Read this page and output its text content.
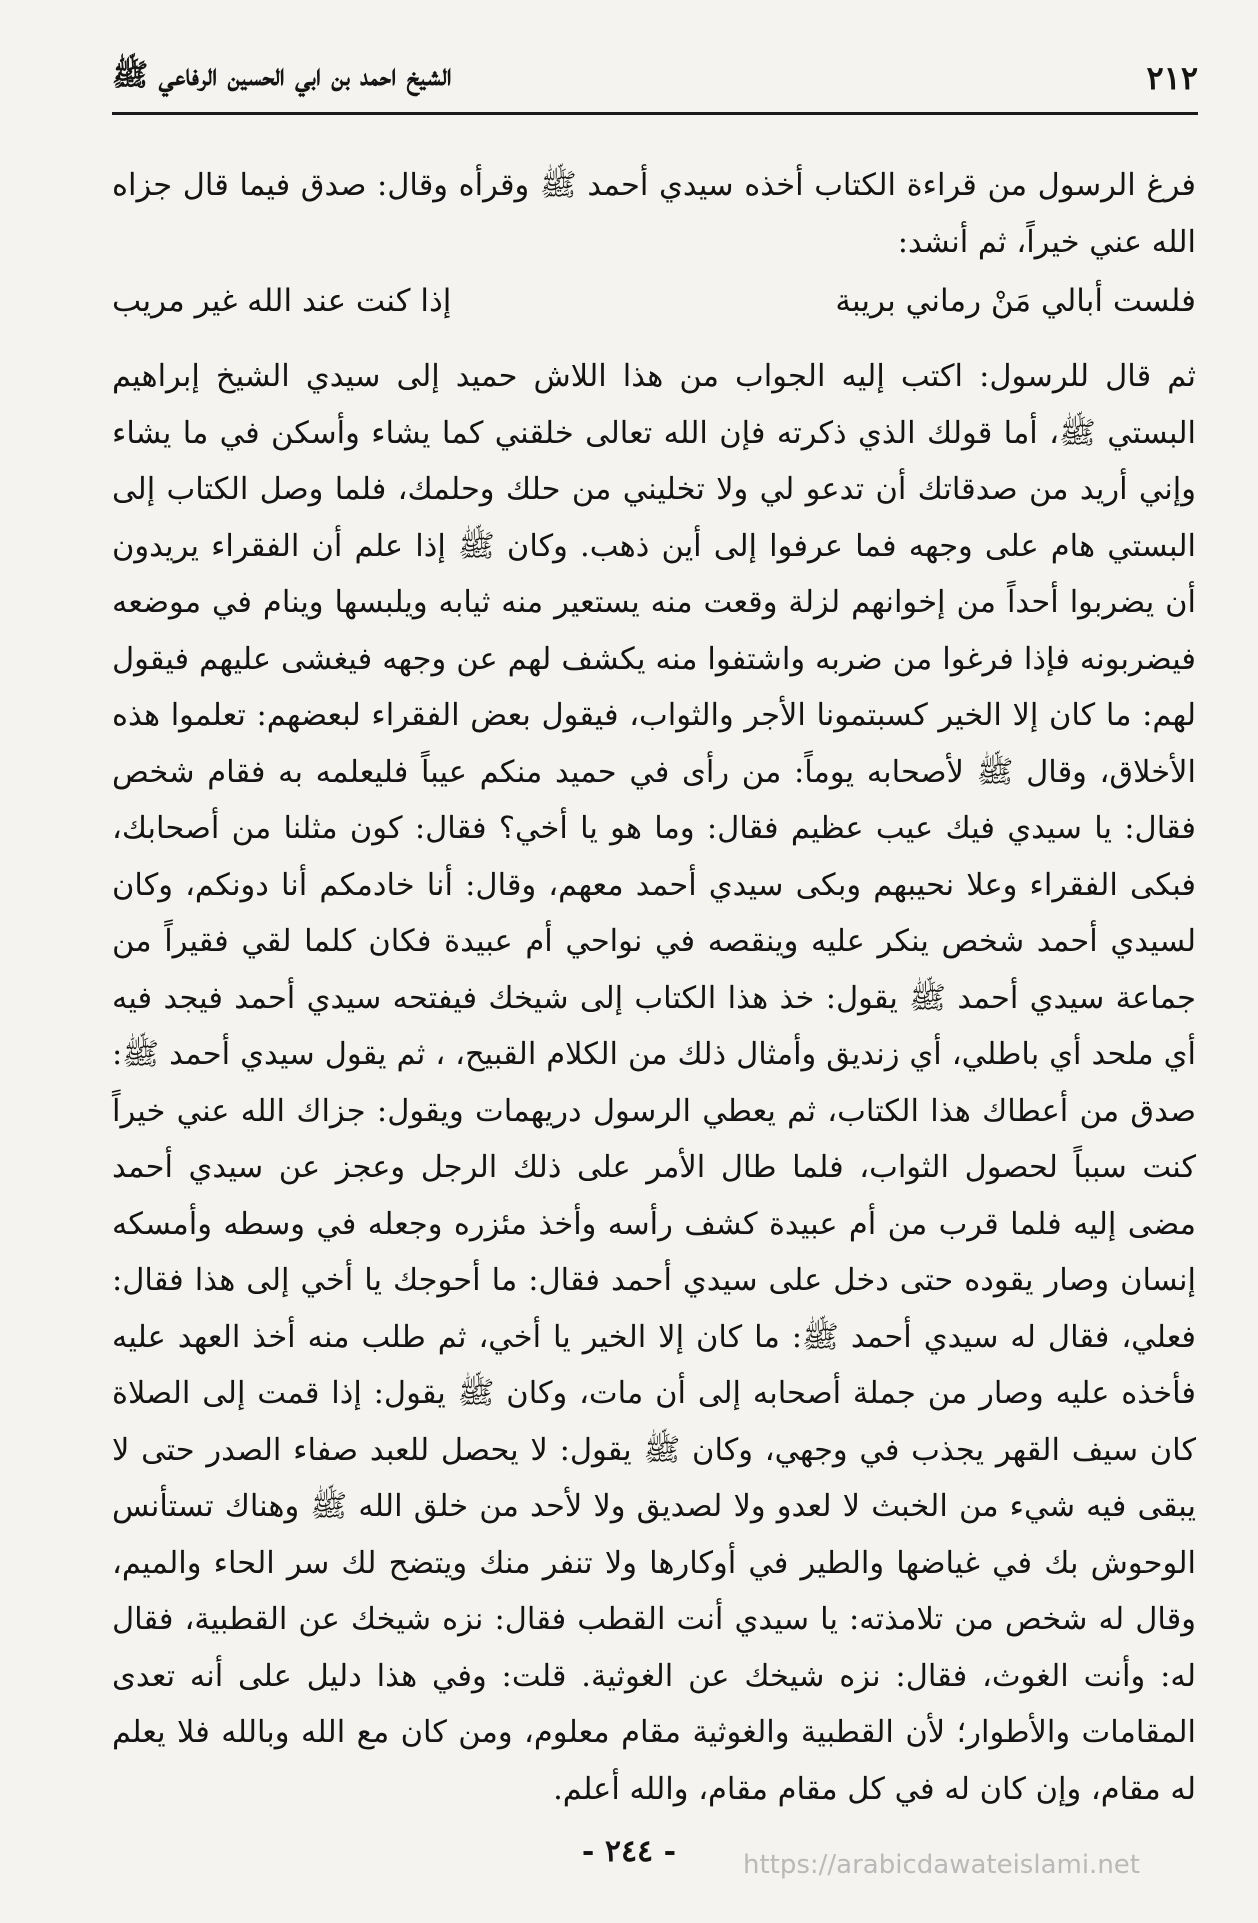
٢١٢
الشيخ احمد بن ابي الحسين الرفاعي ﷺ

فرغ الرسول من قراءة الكتاب أخذه سيدي أحمد ﷺ وقرأه وقال: صدق فيما قال جزاه الله عني خيراً، ثم أنشد:

فلست أبالي مَنْ رماني بريبة
إذا كنت عند الله غير مريب

ثم قال للرسول: اكتب إليه الجواب من هذا اللاش حميد إلى سيدي الشيخ إبراهيم البستي ﷺ، أما قولك الذي ذكرته فإن الله تعالى خلقني كما يشاء وأسكن في ما يشاء وإني أريد من صدقاتك أن تدعو لي ولا تخليني من حلك وحلمك، فلما وصل الكتاب إلى البستي هام على وجهه فما عرفوا إلى أين ذهب. وكان ﷺ إذا علم أن الفقراء يريدون أن يضربوا أحداً من إخوانهم لزلة وقعت منه يستعير منه ثيابه ويلبسها وينام في موضعه فيضربونه فإذا فرغوا من ضربه واشتفوا منه يكشف لهم عن وجهه فيغشى عليهم فيقول لهم: ما كان إلا الخير كسبتمونا الأجر والثواب، فيقول بعض الفقراء لبعضهم: تعلموا هذه الأخلاق، وقال ﷺ لأصحابه يوماً: من رأى في حميد منكم عيباً فليعلمه به فقام شخص فقال: يا سيدي فيك عيب عظيم فقال: وما هو يا أخي؟ فقال: كون مثلنا من أصحابك، فبكى الفقراء وعلا نحيبهم وبكى سيدي أحمد معهم، وقال: أنا خادمكم أنا دونكم، وكان لسيدي أحمد شخص ينكر عليه وينقصه في نواحي أم عبيدة فكان كلما لقي فقيراً من جماعة سيدي أحمد ﷺ يقول: خذ هذا الكتاب إلى شيخك فيفتحه سيدي أحمد فيجد فيه أي ملحد أي باطلي، أي زنديق وأمثال ذلك من الكلام القبيح، ، ثم يقول سيدي أحمد ﷺ: صدق من أعطاك هذا الكتاب، ثم يعطي الرسول دريهمات ويقول: جزاك الله عني خيراً كنت سبباً لحصول الثواب، فلما طال الأمر على ذلك الرجل وعجز عن سيدي أحمد مضى إليه فلما قرب من أم عبيدة كشف رأسه وأخذ مئزره وجعله في وسطه وأمسكه إنسان وصار يقوده حتى دخل على سيدي أحمد فقال: ما أحوجك يا أخي إلى هذا فقال: فعلي، فقال له سيدي أحمد ﷺ: ما كان إلا الخير يا أخي، ثم طلب منه أخذ العهد عليه فأخذه عليه وصار من جملة أصحابه إلى أن مات، وكان ﷺ يقول: إذا قمت إلى الصلاة كان سيف القهر يجذب في وجهي، وكان ﷺ يقول: لا يحصل للعبد صفاء الصدر حتى لا يبقى فيه شيء من الخبث لا لعدو ولا لصديق ولا لأحد من خلق الله ﷺ وهناك تستأنس الوحوش بك في غياضها والطير في أوكارها ولا تنفر منك ويتضح لك سر الحاء والميم، وقال له شخص من تلامذته: يا سيدي أنت القطب فقال: نزه شيخك عن القطبية، فقال له: وأنت الغوث، فقال: نزه شيخك عن الغوثية. قلت: وفي هذا دليل على أنه تعدى المقامات والأطوار؛ لأن القطبية والغوثية مقام معلوم، ومن كان مع الله وبالله فلا يعلم له مقام، وإن كان له في كل مقام مقام، والله أعلم.

- ٢٤٤ -	https://arabicdawateislami.net
